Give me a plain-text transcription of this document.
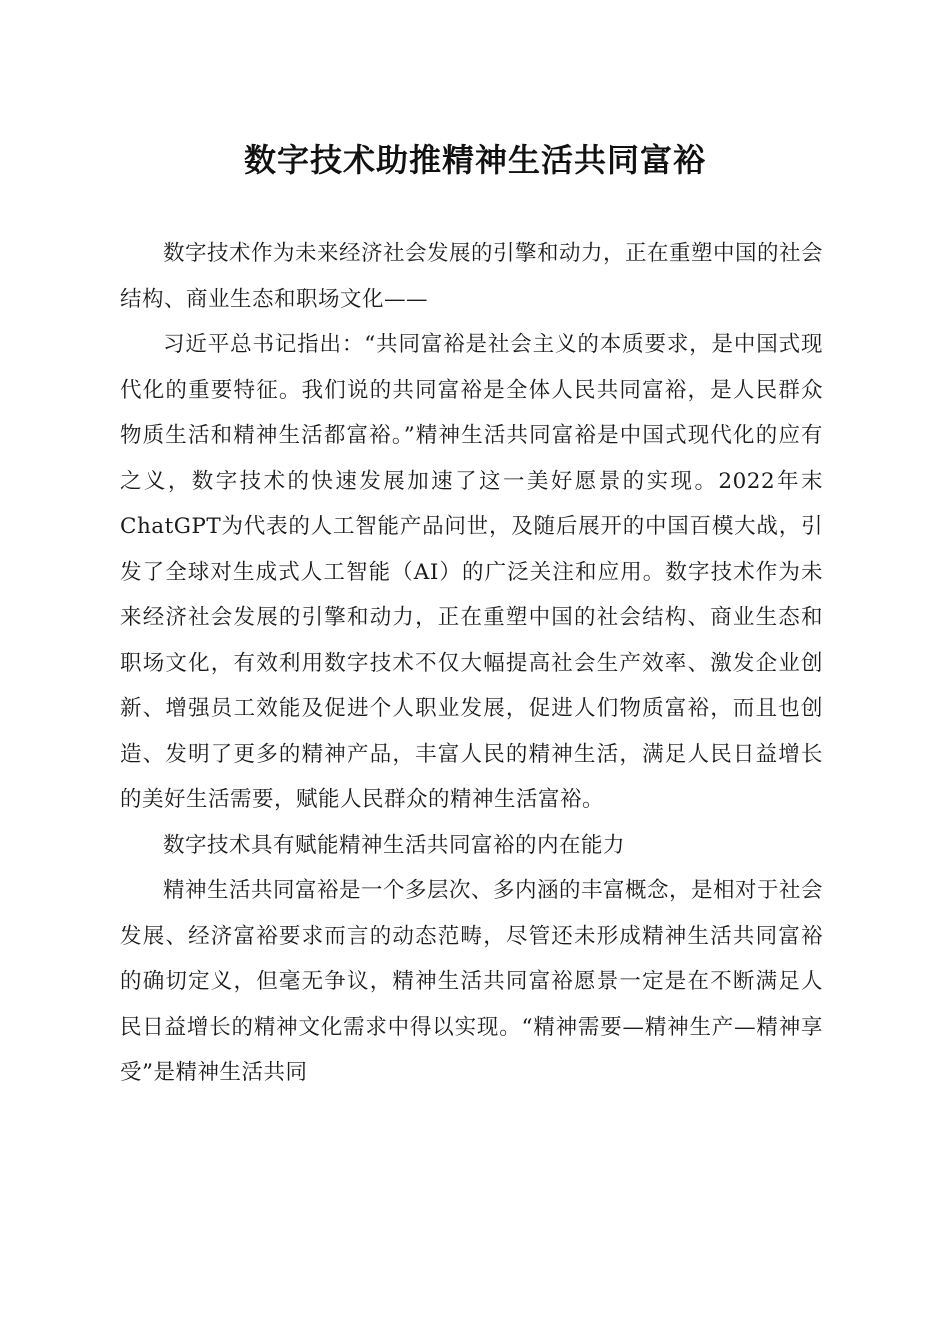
数字技术助推精神生活共同富裕

数字技术作为未来经济社会发展的引擎和动力，正在重塑中国的社会结构、商业生态和职场文化——

习近平总书记指出：“共同富裕是社会主义的本质要求，是中国式现代化的重要特征。我们说的共同富裕是全体人民共同富裕，是人民群众物质生活和精神生活都富裕。”精神生活共同富裕是中国式现代化的应有之义，数字技术的快速发展加速了这一美好愿景的实现。2022年末ChatGPT为代表的人工智能产品问世，及随后展开的中国百模大战，引发了全球对生成式人工智能（AI）的广泛关注和应用。数字技术作为未来经济社会发展的引擎和动力，正在重塑中国的社会结构、商业生态和职场文化，有效利用数字技术不仅大幅提高社会生产效率、激发企业创新、增强员工效能及促进个人职业发展，促进人们物质富裕，而且也创造、发明了更多的精神产品，丰富人民的精神生活，满足人民日益增长的美好生活需要，赋能人民群众的精神生活富裕。

数字技术具有赋能精神生活共同富裕的内在能力

精神生活共同富裕是一个多层次、多内涵的丰富概念，是相对于社会发展、经济富裕要求而言的动态范畴，尽管还未形成精神生活共同富裕的确切定义，但毫无争议，精神生活共同富裕愿景一定是在不断满足人民日益增长的精神文化需求中得以实现。“精神需要—精神生产—精神享受”是精神生活共同
